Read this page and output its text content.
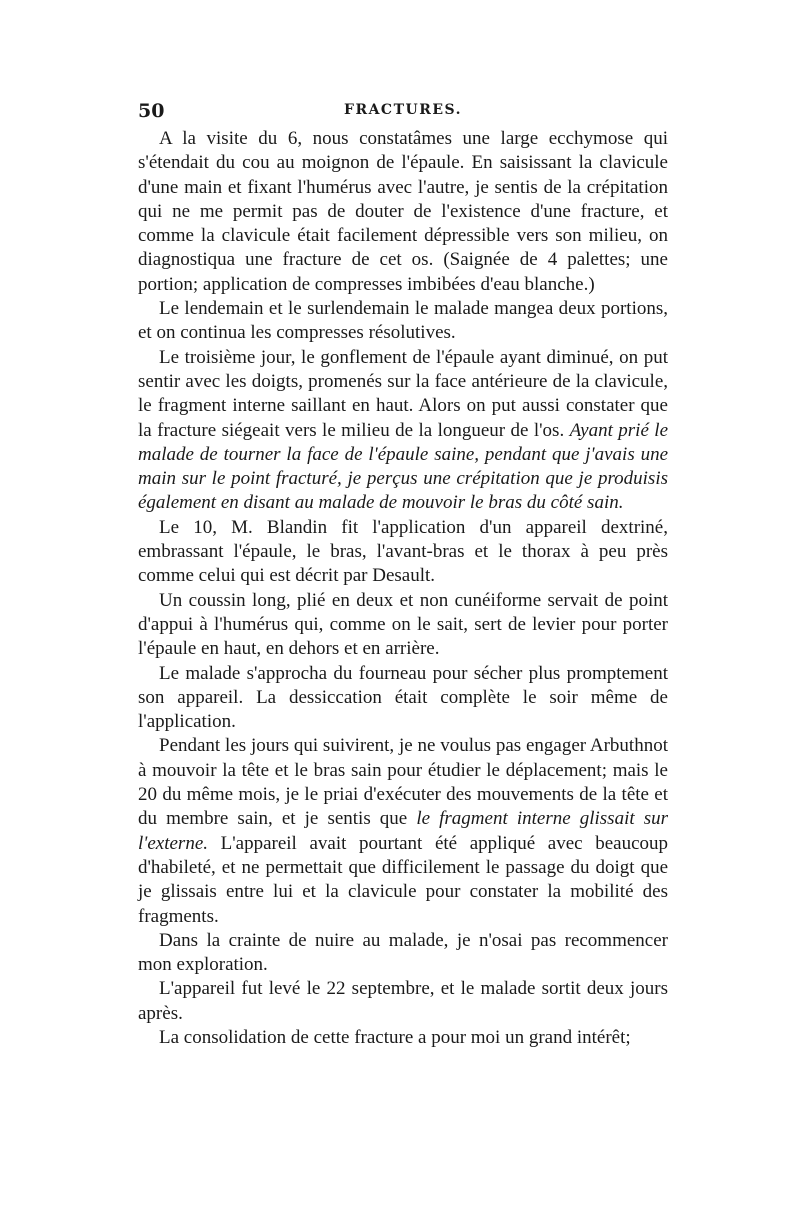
50	FRACTURES.

A la visite du 6, nous constatâmes une large ecchymose qui s'étendait du cou au moignon de l'épaule. En saisissant la clavicule d'une main et fixant l'humérus avec l'autre, je sentis de la crépitation qui ne me permit pas de douter de l'existence d'une fracture, et comme la clavicule était facilement dépressible vers son milieu, on diagnostiqua une fracture de cet os. (Saignée de 4 palettes; une portion; application de compresses imbibées d'eau blanche.)

Le lendemain et le surlendemain le malade mangea deux portions, et on continua les compresses résolutives.

Le troisième jour, le gonflement de l'épaule ayant diminué, on put sentir avec les doigts, promenés sur la face antérieure de la clavicule, le fragment interne saillant en haut. Alors on put aussi constater que la fracture siégeait vers le milieu de la longueur de l'os. Ayant prié le malade de tourner la face de l'épaule saine, pendant que j'avais une main sur le point fracturé, je perçus une crépitation que je produisis également en disant au malade de mouvoir le bras du côté sain.

Le 10, M. Blandin fit l'application d'un appareil dextriné, embrassant l'épaule, le bras, l'avant-bras et le thorax à peu près comme celui qui est décrit par Desault.

Un coussin long, plié en deux et non cunéiforme servait de point d'appui à l'humérus qui, comme on le sait, sert de levier pour porter l'épaule en haut, en dehors et en arrière.

Le malade s'approcha du fourneau pour sécher plus promptement son appareil. La dessiccation était complète le soir même de l'application.

Pendant les jours qui suivirent, je ne voulus pas engager Arbuthnot à mouvoir la tête et le bras sain pour étudier le déplacement; mais le 20 du même mois, je le priai d'exécuter des mouvements de la tête et du membre sain, et je sentis que le fragment interne glissait sur l'externe. L'appareil avait pourtant été appliqué avec beaucoup d'habileté, et ne permettait que difficilement le passage du doigt que je glissais entre lui et la clavicule pour constater la mobilité des fragments.

Dans la crainte de nuire au malade, je n'osai pas recommencer mon exploration.

L'appareil fut levé le 22 septembre, et le malade sortit deux jours après.

La consolidation de cette fracture a pour moi un grand intérêt;
